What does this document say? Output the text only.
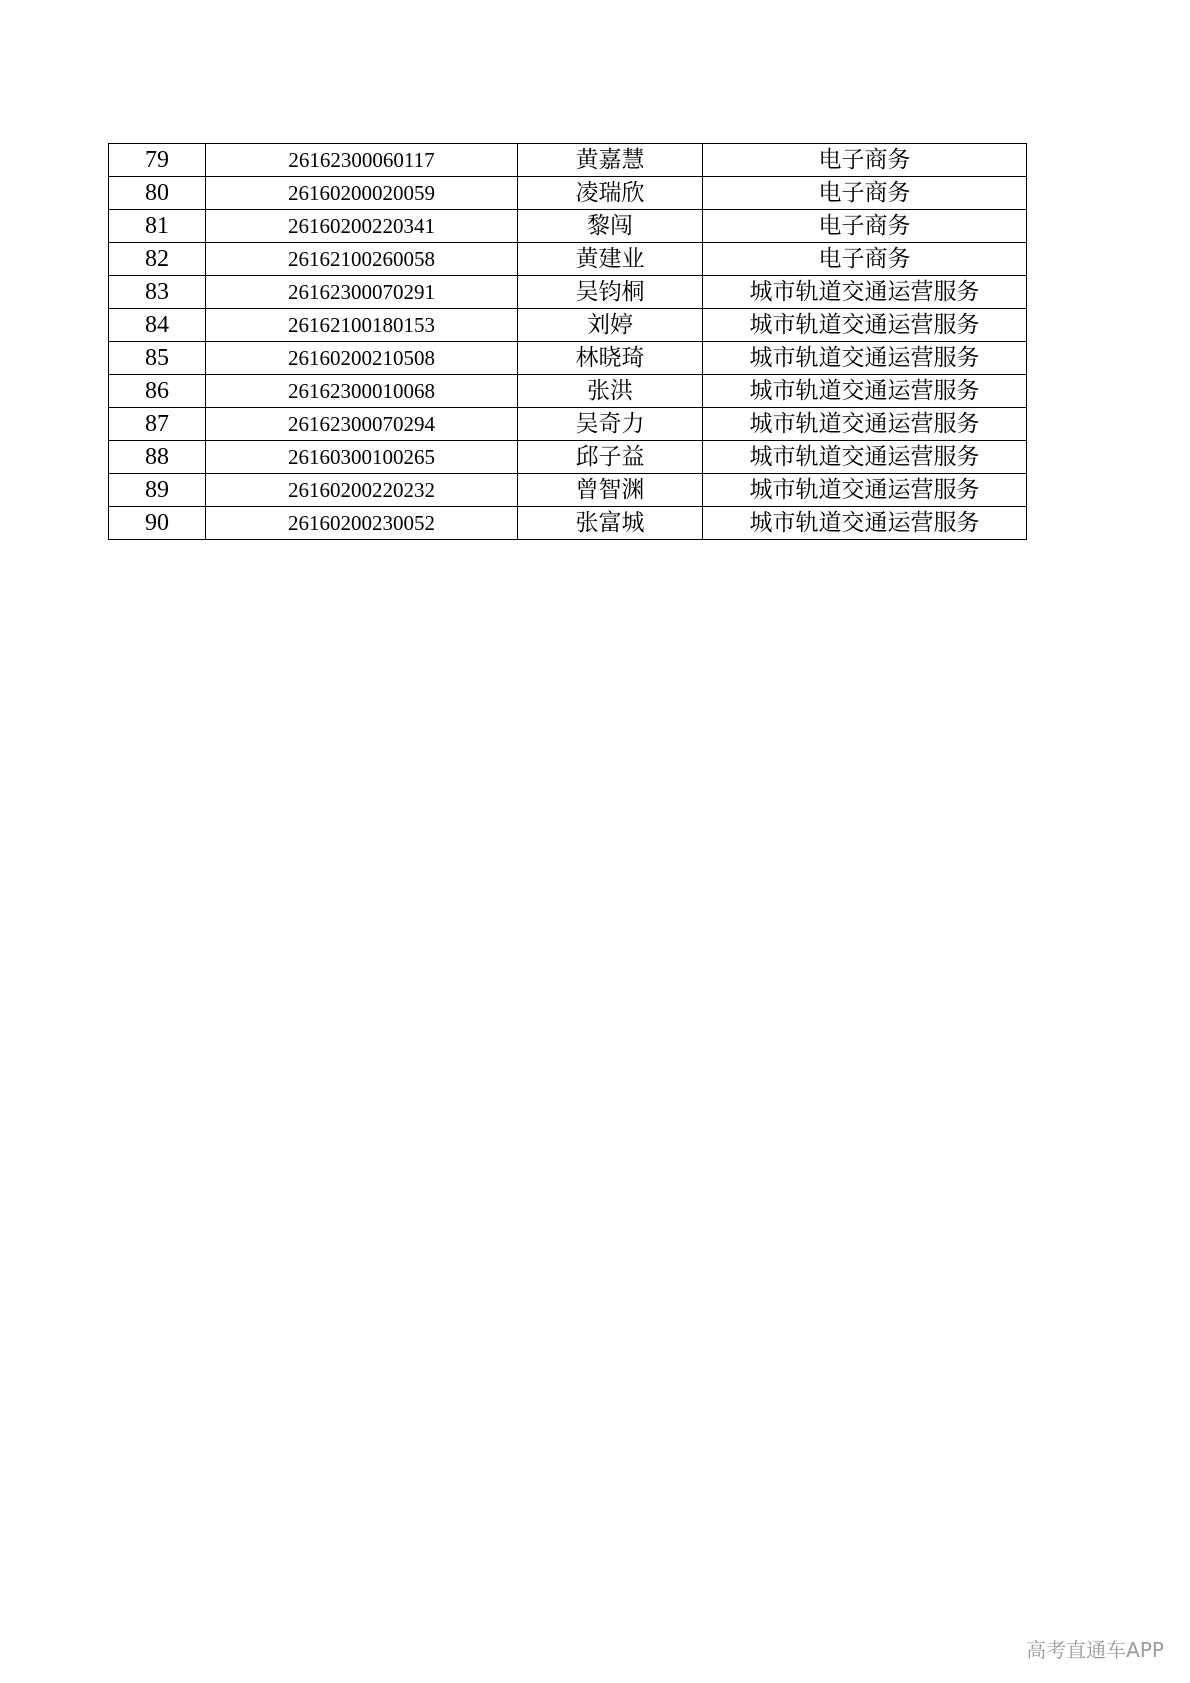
79	26162300060117	黄嘉慧	电子商务
80	26160200020059	凌瑞欣	电子商务
81	26160200220341	黎闯	电子商务
82	26162100260058	黄建业	电子商务
83	26162300070291	吴钧桐	城市轨道交通运营服务
84	26162100180153	刘婷	城市轨道交通运营服务
85	26160200210508	林晓琦	城市轨道交通运营服务
86	26162300010068	张洪	城市轨道交通运营服务
87	26162300070294	吴奇力	城市轨道交通运营服务
88	26160300100265	邱子益	城市轨道交通运营服务
89	26160200220232	曾智渊	城市轨道交通运营服务
90	26160200230052	张富城	城市轨道交通运营服务
高考直通车APP
